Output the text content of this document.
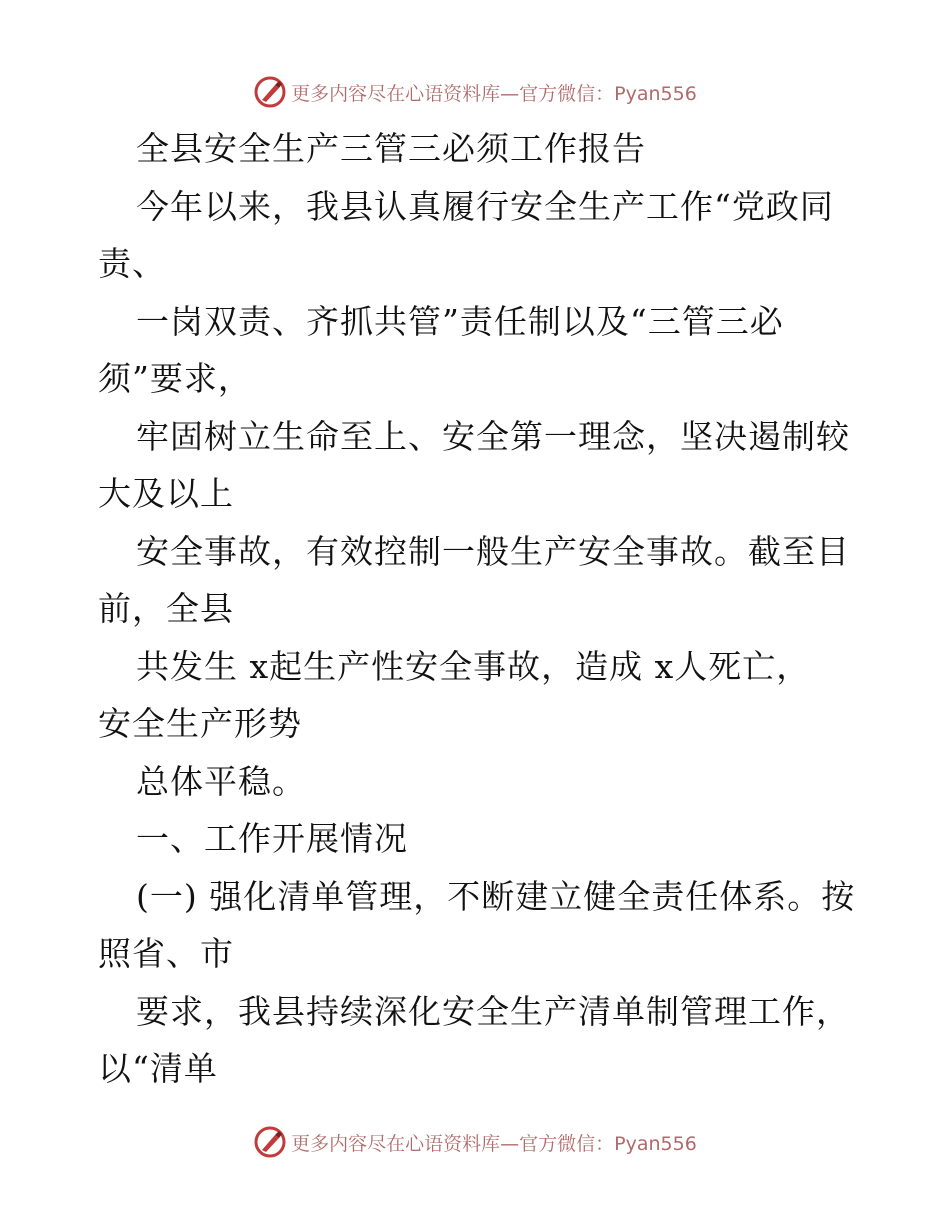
更多内容尽在心语资料库—官方微信：Pyan556
全县安全生产三管三必须工作报告
今年以来，我县认真履行安全生产工作“党政同
责、
一岗双责、齐抓共管”责任制以及“三管三必
须”要求，
牢固树立生命至上、安全第一理念，坚决遏制较
大及以上
安全事故，有效控制一般生产安全事故。截至目
前，全县
共发生 x起生产性安全事故，造成 x人死亡，
安全生产形势
总体平稳。
一、工作开展情况
(一) 强化清单管理，不断建立健全责任体系。按
照省、市
要求，我县持续深化安全生产清单制管理工作，
以“清单
更多内容尽在心语资料库—官方微信：Pyan556
